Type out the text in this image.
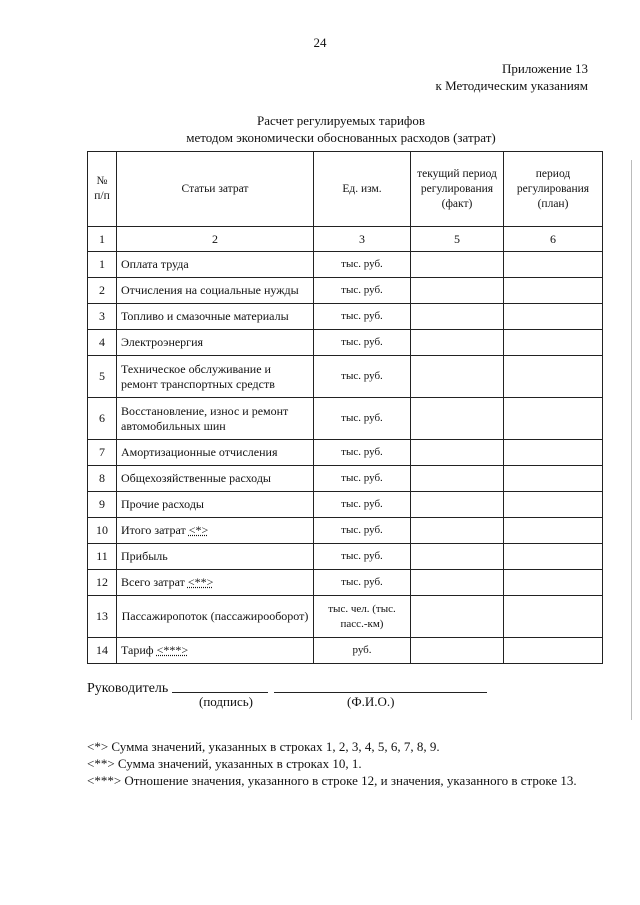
24
Приложение 13
к Методическим указаниям
Расчет регулируемых тарифов
методом экономически обоснованных расходов (затрат)
№ п/п	Статьи затрат	Ед. изм.	текущий период регулирования (факт)	период регулирования (план)
1	2	3	5	6
1	Оплата труда	тыс. руб.		
2	Отчисления на социальные нужды	тыс. руб.		
3	Топливо и смазочные материалы	тыс. руб.		
4	Электроэнергия	тыс. руб.		
5	Техническое обслуживание и ремонт транспортных средств	тыс. руб.		
6	Восстановление, износ и ремонт автомобильных шин	тыс. руб.		
7	Амортизационные отчисления	тыс. руб.		
8	Общехозяйственные расходы	тыс. руб.		
9	Прочие расходы	тыс. руб.		
10	Итого затрат <*>	тыс. руб.		
11	Прибыль	тыс. руб.		
12	Всего затрат <**>	тыс. руб.		
13	Пассажиропоток (пассажирооборот)	тыс. чел. (тыс. пасс.-км)		
14	Тариф <***>	руб.		
Руководитель
(подпись)	(Ф.И.О.)
<*> Сумма значений, указанных в строках 1, 2, 3, 4, 5, 6, 7, 8, 9.
<**> Сумма значений, указанных в строках 10, 1.
<***> Отношение значения, указанного в строке 12, и значения, указанного в строке 13.
